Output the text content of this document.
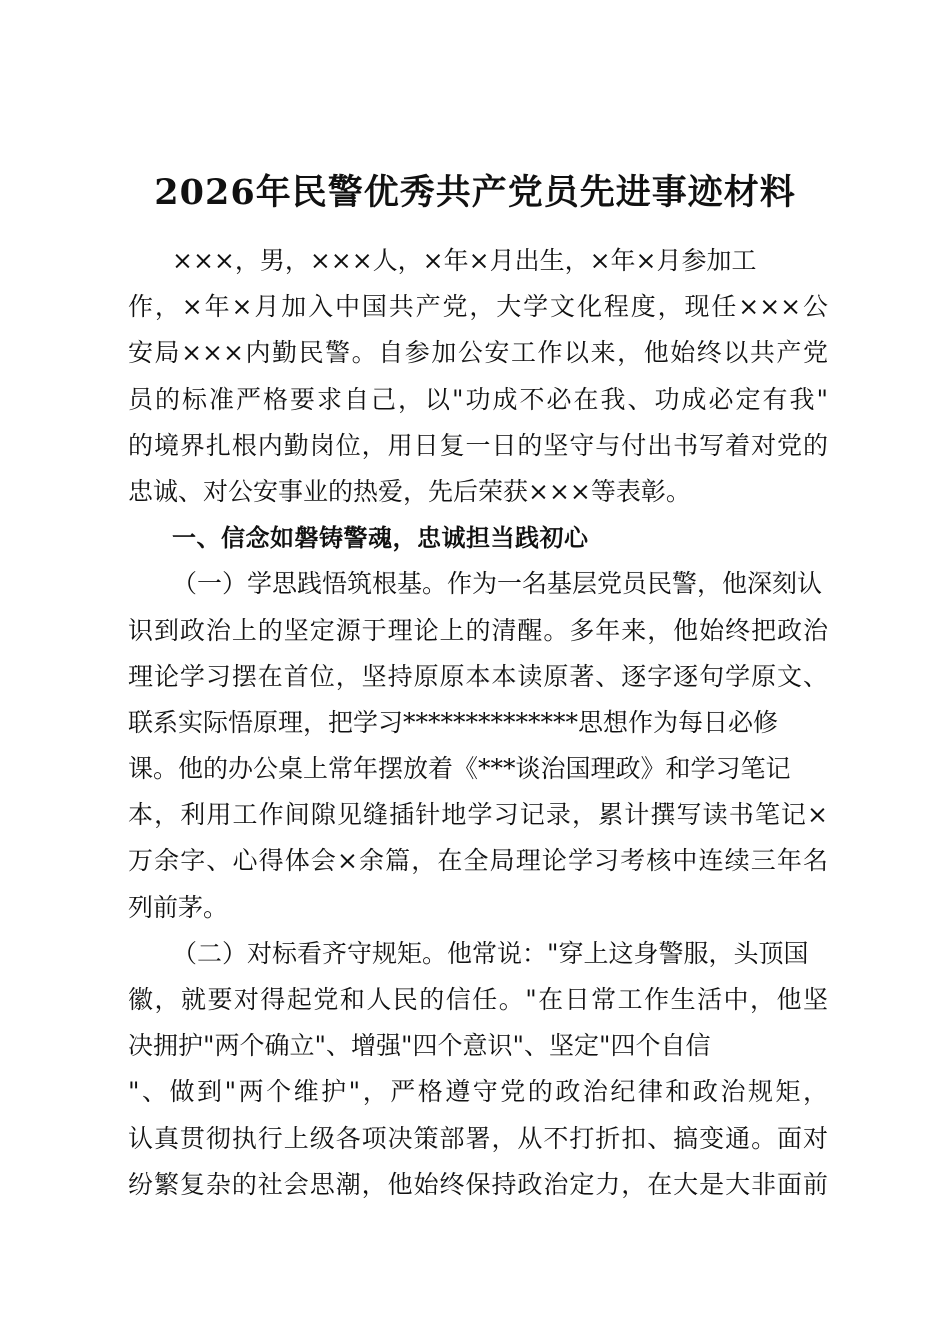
2026年民警优秀共产党员先进事迹材料
×××，男，×××人，×年×月出生，×年×月参加工
作，×年×月加入中国共产党，大学文化程度，现任×××公
安局×××内勤民警。自参加公安工作以来，他始终以共产党
员的标准严格要求自己，以"功成不必在我、功成必定有我"
的境界扎根内勤岗位，用日复一日的坚守与付出书写着对党的
忠诚、对公安事业的热爱，先后荣获×××等表彰。
一、信念如磐铸警魂，忠诚担当践初心
（一）学思践悟筑根基。作为一名基层党员民警，他深刻认
识到政治上的坚定源于理论上的清醒。多年来，他始终把政治
理论学习摆在首位，坚持原原本本读原著、逐字逐句学原文、
联系实际悟原理，把学习**************思想作为每日必修
课。他的办公桌上常年摆放着《***谈治国理政》和学习笔记
本，利用工作间隙见缝插针地学习记录，累计撰写读书笔记×
万余字、心得体会×余篇，在全局理论学习考核中连续三年名
列前茅。
（二）对标看齐守规矩。他常说："穿上这身警服，头顶国
徽，就要对得起党和人民的信任。"在日常工作生活中，他坚
决拥护"两个确立"、增强"四个意识"、坚定"四个自信
"、做到"两个维护"，严格遵守党的政治纪律和政治规矩，
认真贯彻执行上级各项决策部署，从不打折扣、搞变通。面对
纷繁复杂的社会思潮，他始终保持政治定力，在大是大非面前
